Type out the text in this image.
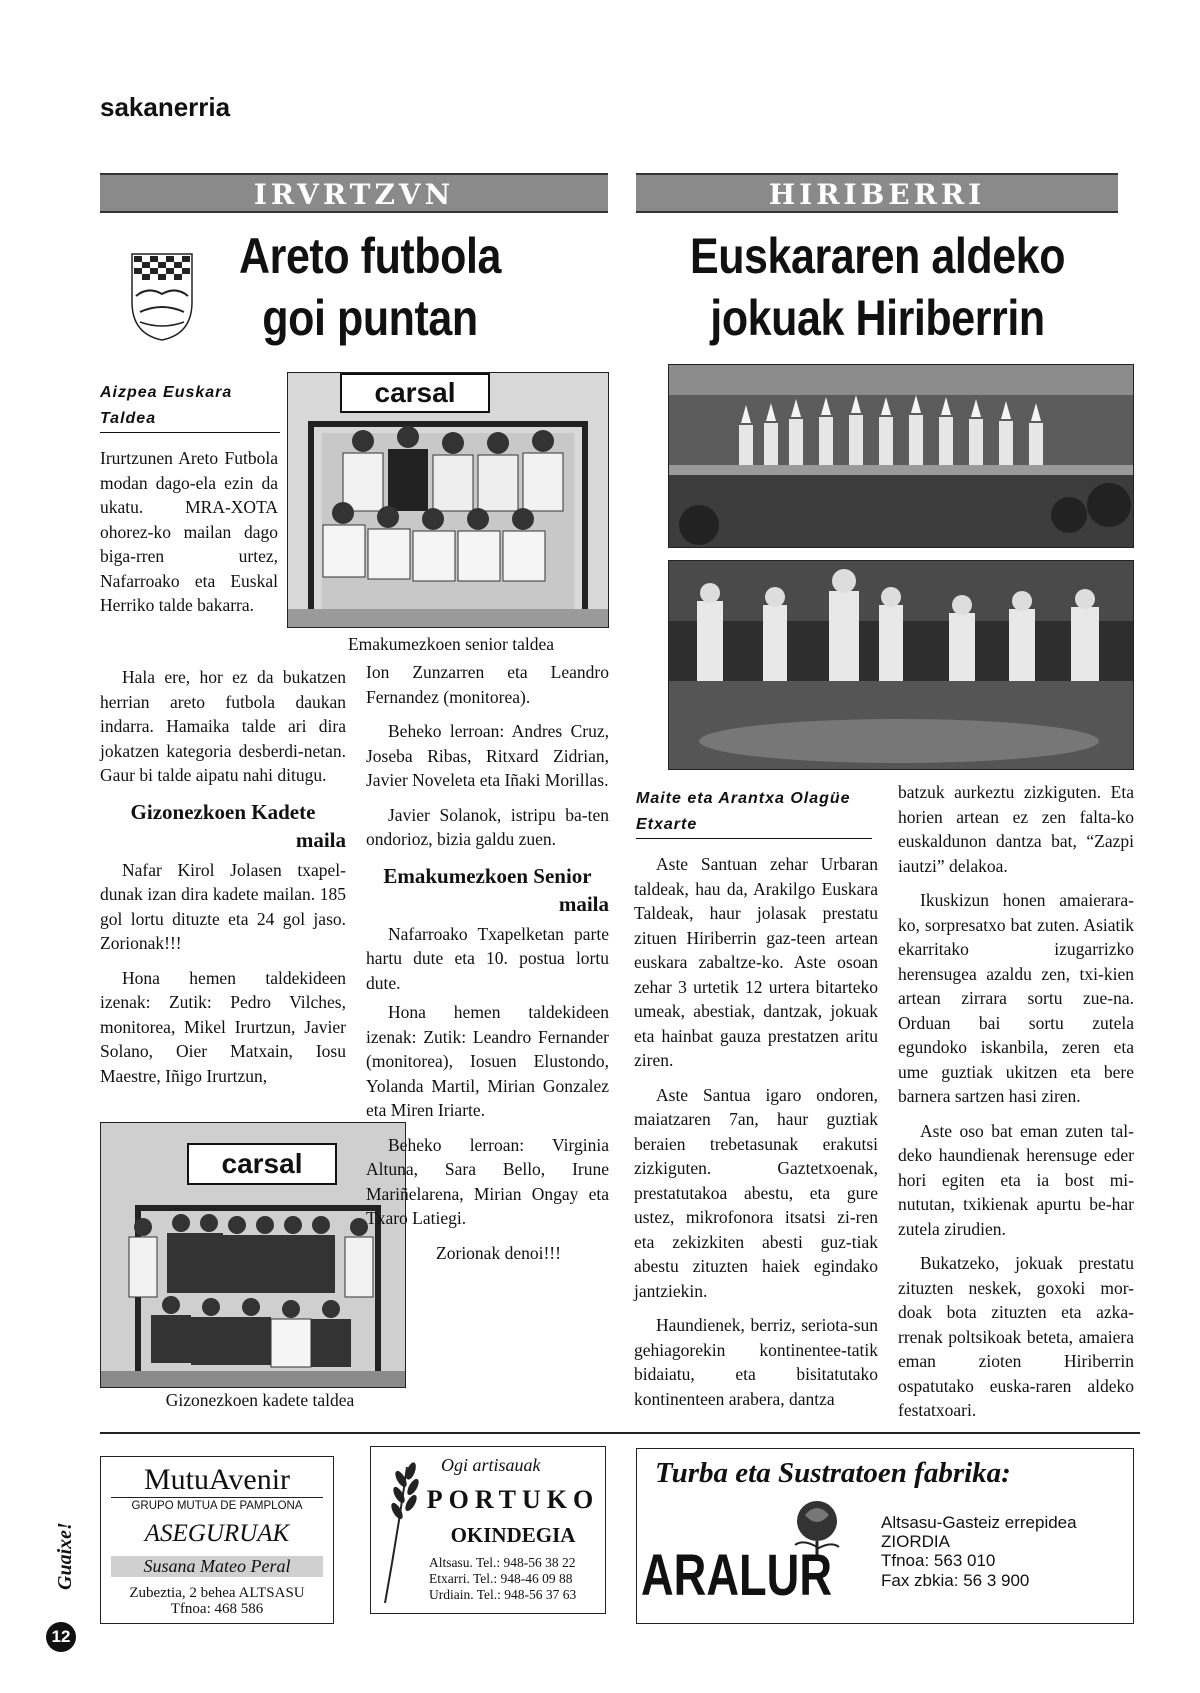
sakanerria
IRVRTZVN
Areto futbola
goi puntan
Aizpea Euskara
Taldea

Irurtzunen Areto Futbola modan dago-ela ezin da ukatu. MRA-XOTA ohorez-ko mailan dago biga-rren urtez, Nafarroako eta Euskal Herriko talde bakarra.

carsal
Emakumezkoen senior taldea

Hala ere, hor ez da bukatzen herrian areto futbola daukan indarra. Hamaika talde ari dira jokatzen kategoria desberdi-netan. Gaur bi talde aipatu nahi ditugu.

Gizonezkoen Kadete
maila

Nafar Kirol Jolasen txapel-dunak izan dira kadete mailan. 185 gol lortu dituzte eta 24 gol jaso. Zorionak!!!

Hona hemen taldekideen izenak: Zutik: Pedro Vilches, monitorea, Mikel Irurtzun, Javier Solano, Oier Matxain, Iosu Maestre, Iñigo Irurtzun,

Ion Zunzarren eta Leandro Fernandez (monitorea).

Beheko lerroan: Andres Cruz, Joseba Ribas, Ritxard Zidrian, Javier Noveleta eta Iñaki Morillas.

Javier Solanok, istripu ba-ten ondorioz, bizia galdu zuen.

Emakumezkoen Senior
maila

Nafarroako Txapelketan parte hartu dute eta 10. postua lortu dute.

carsal
Gizonezkoen kadete taldea

Hona hemen taldekideen izenak: Zutik: Leandro Fernander (monitorea), Iosuen Elustondo, Yolanda Martil, Mirian Gonzalez eta Miren Iriarte.

Beheko lerroan: Virginia Altuna, Sara Bello, Irune Mariñelarena, Mirian Ongay eta Txaro Latiegi.

Zorionak denoi!!!

HIRIBERRI
Euskararen aldeko
jokuak Hiriberrin
Maite eta Arantxa Olagüe
Etxarte

Aste Santuan zehar Urbaran taldeak, hau da, Arakilgo Euskara Taldeak, haur jolasak prestatu zituen Hiriberrin gaz-teen artean euskara zabaltze-ko. Aste osoan zehar 3 urtetik 12 urtera bitarteko umeak, abestiak, dantzak, jokuak eta hainbat gauza prestatzen aritu ziren.

Aste Santua igaro ondoren, maiatzaren 7an, haur guztiak beraien trebetasunak erakutsi zizkiguten. Gaztetxoenak, prestatutakoa abestu, eta gure ustez, mikrofonora itsatsi zi-ren eta zekizkiten abesti guz-tiak abestu zituzten haiek egindako jantziekin.

Haundienek, berriz, seriota-sun gehiagorekin kontinentee-tatik bidaiatu, eta bisitatutako kontinenteen arabera, dantza

batzuk aurkeztu zizkiguten. Eta horien artean ez zen falta-ko euskaldunon dantza bat, “Zazpi iautzi” delakoa.

Ikuskizun honen amaierara-ko, sorpresatxo bat zuten. Asiatik ekarritako izugarrizko herensugea azaldu zen, txi-kien artean zirrara sortu zue-na. Orduan bai sortu zutela egundoko iskanbila, zeren eta ume guztiak ukitzen eta bere barnera sartzen hasi ziren.

Aste oso bat eman zuten tal-deko haundienak herensuge eder hori egiten eta ia bost mi-nututan, txikienak apurtu be-har zutela zirudien.

Bukatzeko, jokuak prestatu zituzten neskek, goxoki mor-doak bota zituzten eta azka-rrenak poltsikoak beteta, amaiera eman zioten Hiriberrin ospatutako euska-raren aldeko festatxoari.

MutuAvenir
GRUPO MUTUA DE PAMPLONA
ASEGURUAK
Susana Mateo Peral
Zubeztia, 2 behea ALTSASU
Tfnoa: 468 586
Ogi artisauak
PORTUKO
OKINDEGIA
Altsasu. Tel.: 948-56 38 22
Etxarri. Tel.: 948-46 09 88
Urdiain. Tel.: 948-56 37 63
Turba eta Sustratoen fabrika:
ARALUR
Altsasu-Gasteiz errepidea
ZIORDIA
Tfnoa: 563 010
Fax zbkia: 56 3 900
Guaixe!
12
